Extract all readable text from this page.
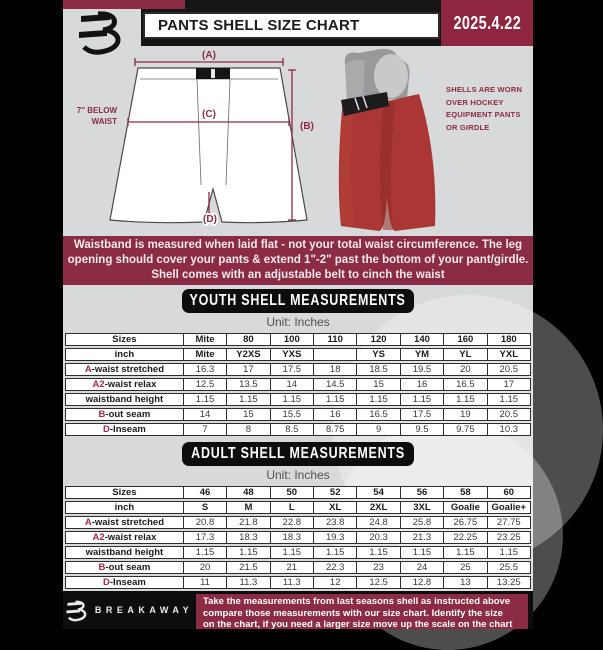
PANTS SHELL SIZE CHART	2025.4.22
(A)
(B)
(C)
(D)
7'' BELOW
WAIST
SHELLS ARE WORN
OVER HOCKEY
EQUIPMENT PANTS
OR GIRDLE
Waistband is measured when laid flat - not your total waist circumference. The leg
opening should cover your pants & extend 1"-2" past the bottom of your pant/girdle.
Shell comes with an adjustable belt to cinch the waist
YOUTH SHELL MEASUREMENTS
Unit: Inches
Sizes	Mite	80	100	110	120	140	160	180
inch	Mite	Y2XS	YXS		YS	YM	YL	YXL
A-waist stretched	16.3	17	17.5	18	18.5	19.5	20	20.5
A2-waist relax	12.5	13.5	14	14.5	15	16	16.5	17
waistband height	1.15	1.15	1.15	1.15	1.15	1.15	1.15	1.15
B-out seam	14	15	15.5	16	16.5	17.5	19	20.5
D-Inseam	7	8	8.5	8.75	9	9.5	9.75	10.3
ADULT SHELL MEASUREMENTS
Unit: Inches
Sizes	46	48	50	52	54	56	58	60
inch	S	M	L	XL	2XL	3XL	Goalie	Goalie+
A-waist stretched	20.8	21.8	22.8	23.8	24.8	25.8	26.75	27.75
A2-waist relax	17.3	18.3	18.3	19.3	20.3	21.3	22.25	23.25
waistband height	1.15	1.15	1.15	1.15	1.15	1.15	1.15	1.15
B-out seam	20	21.5	21	22.3	23	24	25	25.5
D-Inseam	11	11.3	11.3	12	12.5	12.8	13	13.25
BREAKAWAY
Take the measurements from last seasons shell as instructed above
compare those measurements with our size chart. Identify the size
on the chart, if you need a larger size move up the scale on the chart
